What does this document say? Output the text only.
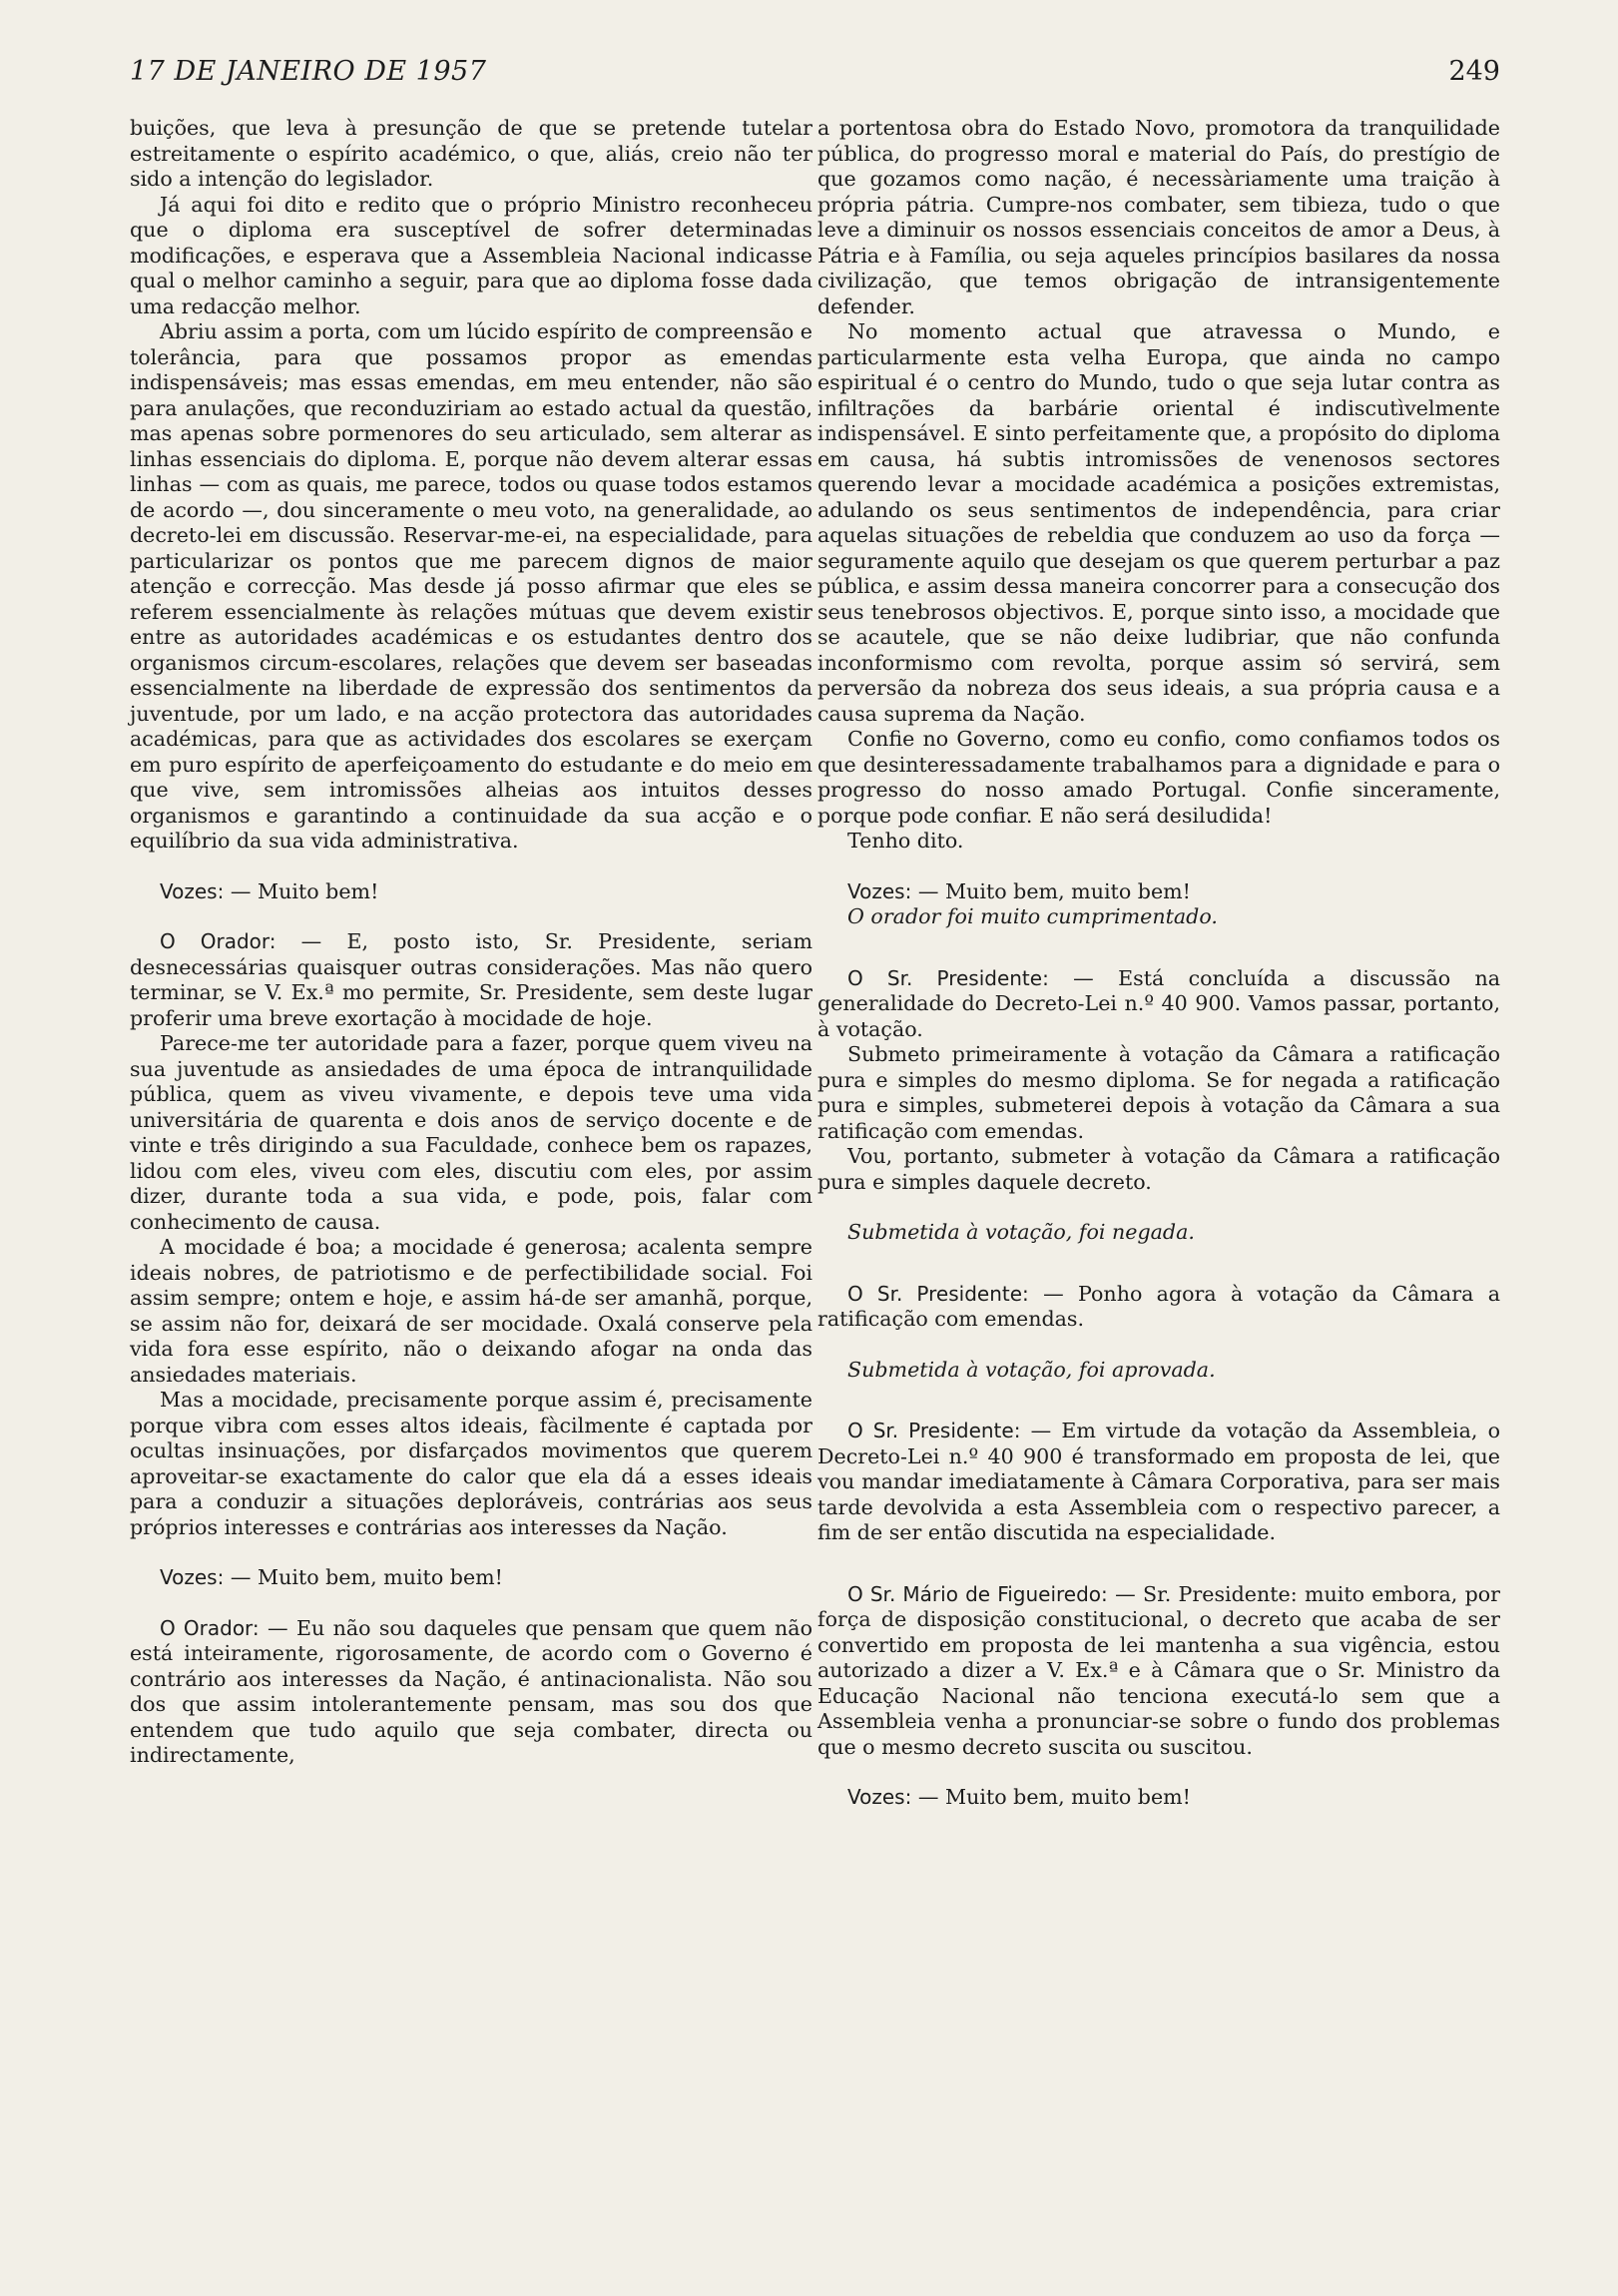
17 DE JANEIRO DE 1957	249

buições, que leva à presunção de que se pretende tutelar estreitamente o espírito académico, o que, aliás, creio não ter sido a intenção do legislador.

Já aqui foi dito e redito que o próprio Ministro reconheceu que o diploma era susceptível de sofrer determinadas modificações, e esperava que a Assembleia Nacional indicasse qual o melhor caminho a seguir, para que ao diploma fosse dada uma redacção melhor.

Abriu assim a porta, com um lúcido espírito de compreensão e tolerância, para que possamos propor as emendas indispensáveis; mas essas emendas, em meu entender, não são para anulações, que reconduziriam ao estado actual da questão, mas apenas sobre pormenores do seu articulado, sem alterar as linhas essenciais do diploma. E, porque não devem alterar essas linhas — com as quais, me parece, todos ou quase todos estamos de acordo —, dou sinceramente o meu voto, na generalidade, ao decreto-lei em discussão. Reservar-me-ei, na especialidade, para particularizar os pontos que me parecem dignos de maior atenção e correcção. Mas desde já posso afirmar que eles se referem essencialmente às relações mútuas que devem existir entre as autoridades académicas e os estudantes dentro dos organismos circum-escolares, relações que devem ser baseadas essencialmente na liberdade de expressão dos sentimentos da juventude, por um lado, e na acção protectora das autoridades académicas, para que as actividades dos escolares se exerçam em puro espírito de aperfeiçoamento do estudante e do meio em que vive, sem intromissões alheias aos intuitos desses organismos e garantindo a continuidade da sua acção e o equilíbrio da sua vida administrativa.

Vozes: — Muito bem!

O Orador: — E, posto isto, Sr. Presidente, seriam desnecessárias quaisquer outras considerações. Mas não quero terminar, se V. Ex.ª mo permite, Sr. Presidente, sem deste lugar proferir uma breve exortação à mocidade de hoje.

Parece-me ter autoridade para a fazer, porque quem viveu na sua juventude as ansiedades de uma época de intranquilidade pública, quem as viveu vivamente, e depois teve uma vida universitária de quarenta e dois anos de serviço docente e de vinte e três dirigindo a sua Faculdade, conhece bem os rapazes, lidou com eles, viveu com eles, discutiu com eles, por assim dizer, durante toda a sua vida, e pode, pois, falar com conhecimento de causa.

A mocidade é boa; a mocidade é generosa; acalenta sempre ideais nobres, de patriotismo e de perfectibilidade social. Foi assim sempre; ontem e hoje, e assim há-de ser amanhã, porque, se assim não for, deixará de ser mocidade. Oxalá conserve pela vida fora esse espírito, não o deixando afogar na onda das ansiedades materiais.

Mas a mocidade, precisamente porque assim é, precisamente porque vibra com esses altos ideais, fàcilmente é captada por ocultas insinuações, por disfarçados movimentos que querem aproveitar-se exactamente do calor que ela dá a esses ideais para a conduzir a situações deploráveis, contrárias aos seus próprios interesses e contrárias aos interesses da Nação.

Vozes: — Muito bem, muito bem!

O Orador: — Eu não sou daqueles que pensam que quem não está inteiramente, rigorosamente, de acordo com o Governo é contrário aos interesses da Nação, é antinacionalista. Não sou dos que assim intolerantemente pensam, mas sou dos que entendem que tudo aquilo que seja combater, directa ou indirectamente,

a portentosa obra do Estado Novo, promotora da tranquilidade pública, do progresso moral e material do País, do prestígio de que gozamos como nação, é necessàriamente uma traição à própria pátria. Cumpre-nos combater, sem tibieza, tudo o que leve a diminuir os nossos essenciais conceitos de amor a Deus, à Pátria e à Família, ou seja aqueles princípios basilares da nossa civilização, que temos obrigação de intransigentemente defender.

No momento actual que atravessa o Mundo, e particularmente esta velha Europa, que ainda no campo espiritual é o centro do Mundo, tudo o que seja lutar contra as infiltrações da barbárie oriental é indiscutìvelmente indispensável. E sinto perfeitamente que, a propósito do diploma em causa, há subtis intromissões de venenosos sectores querendo levar a mocidade académica a posições extremistas, adulando os seus sentimentos de independência, para criar aquelas situações de rebeldia que conduzem ao uso da força — seguramente aquilo que desejam os que querem perturbar a paz pública, e assim dessa maneira concorrer para a consecução dos seus tenebrosos objectivos. E, porque sinto isso, a mocidade que se acautele, que se não deixe ludibriar, que não confunda inconformismo com revolta, porque assim só servirá, sem perversão da nobreza dos seus ideais, a sua própria causa e a causa suprema da Nação.

Confie no Governo, como eu confio, como confiamos todos os que desinteressadamente trabalhamos para a dignidade e para o progresso do nosso amado Portugal. Confie sinceramente, porque pode confiar. E não será desiludida!

Tenho dito.

Vozes: — Muito bem, muito bem!

O orador foi muito cumprimentado.

O Sr. Presidente: — Está concluída a discussão na generalidade do Decreto-Lei n.º 40 900. Vamos passar, portanto, à votação.

Submeto primeiramente à votação da Câmara a ratificação pura e simples do mesmo diploma. Se for negada a ratificação pura e simples, submeterei depois à votação da Câmara a sua ratificação com emendas.

Vou, portanto, submeter à votação da Câmara a ratificação pura e simples daquele decreto.

Submetida à votação, foi negada.

O Sr. Presidente: — Ponho agora à votação da Câmara a ratificação com emendas.

Submetida à votação, foi aprovada.

O Sr. Presidente: — Em virtude da votação da Assembleia, o Decreto-Lei n.º 40 900 é transformado em proposta de lei, que vou mandar imediatamente à Câmara Corporativa, para ser mais tarde devolvida a esta Assembleia com o respectivo parecer, a fim de ser então discutida na especialidade.

O Sr. Mário de Figueiredo: — Sr. Presidente: muito embora, por força de disposição constitucional, o decreto que acaba de ser convertido em proposta de lei mantenha a sua vigência, estou autorizado a dizer a V. Ex.ª e à Câmara que o Sr. Ministro da Educação Nacional não tenciona executá-lo sem que a Assembleia venha a pronunciar-se sobre o fundo dos problemas que o mesmo decreto suscita ou suscitou.

Vozes: — Muito bem, muito bem!
